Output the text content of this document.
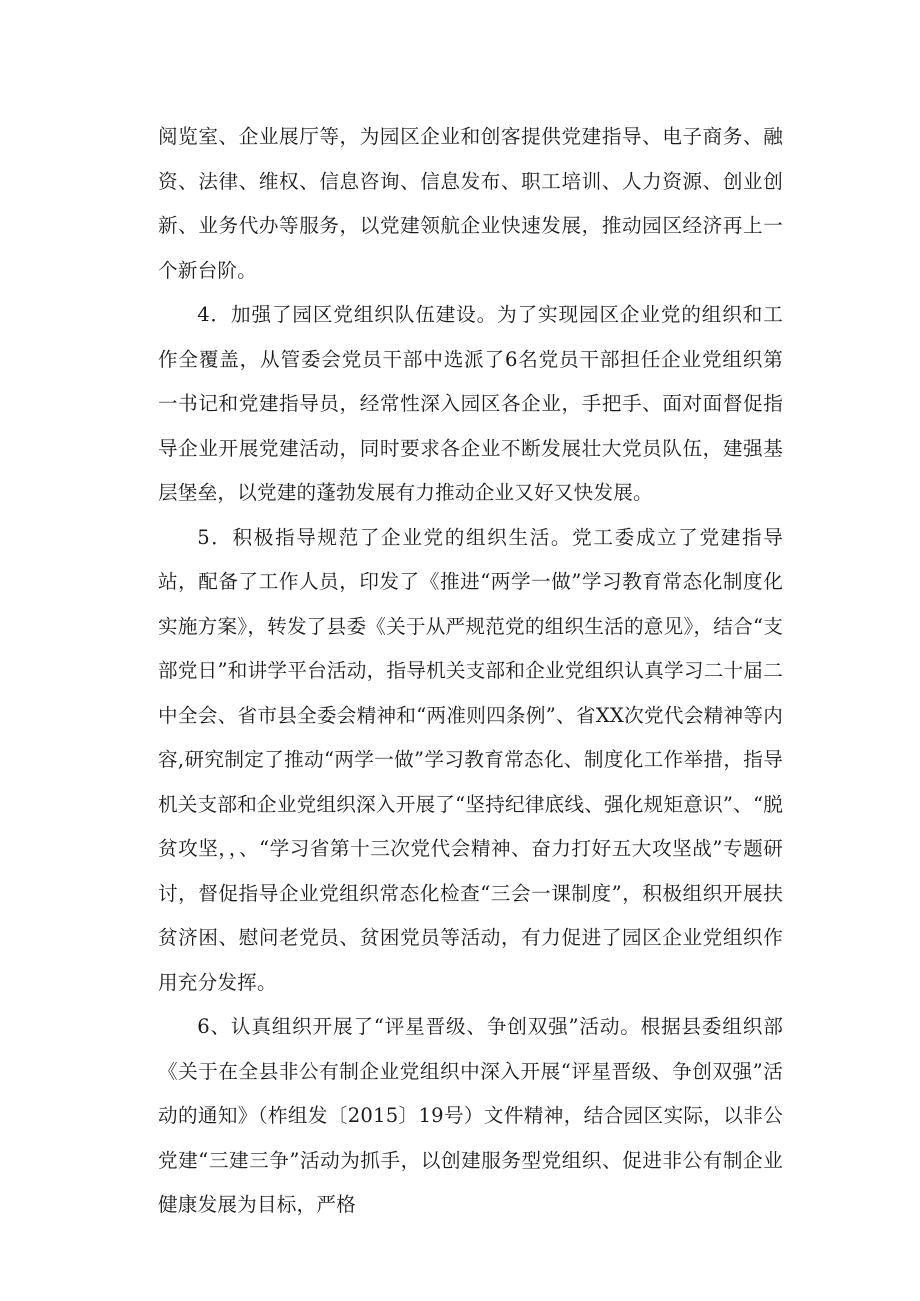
阅览室、企业展厅等，为园区企业和创客提供党建指导、电子商务、融资、法律、维权、信息咨询、信息发布、职工培训、人力资源、创业创新、业务代办等服务，以党建领航企业快速发展，推动园区经济再上一个新台阶。

4．加强了园区党组织队伍建设。为了实现园区企业党的组织和工作全覆盖，从管委会党员干部中选派了6名党员干部担任企业党组织第一书记和党建指导员，经常性深入园区各企业，手把手、面对面督促指导企业开展党建活动，同时要求各企业不断发展壮大党员队伍，建强基层堡垒，以党建的蓬勃发展有力推动企业又好又快发展。

5．积极指导规范了企业党的组织生活。党工委成立了党建指导站，配备了工作人员，印发了《推进“两学一做”学习教育常态化制度化实施方案》，转发了县委《关于从严规范党的组织生活的意见》，结合“支部党日”和讲学平台活动，指导机关支部和企业党组织认真学习二十届二中全会、省市县全委会精神和“两准则四条例”、省XX次党代会精神等内容,研究制定了推动“两学一做”学习教育常态化、制度化工作举措，指导机关支部和企业党组织深入开展了“坚持纪律底线、强化规矩意识”、“脱贫攻坚，，、“学习省第十三次党代会精神、奋力打好五大攻坚战”专题研讨，督促指导企业党组织常态化检查“三会一课制度”，积极组织开展扶贫济困、慰问老党员、贫困党员等活动，有力促进了园区企业党组织作用充分发挥。

6、认真组织开展了“评星晋级、争创双强”活动。根据县委组织部《关于在全县非公有制企业党组织中深入开展“评星晋级、争创双强”活动的通知》（柞组发〔2015〕19号）文件精神，结合园区实际，以非公党建“三建三争”活动为抓手，以创建服务型党组织、促进非公有制企业健康发展为目标，严格
